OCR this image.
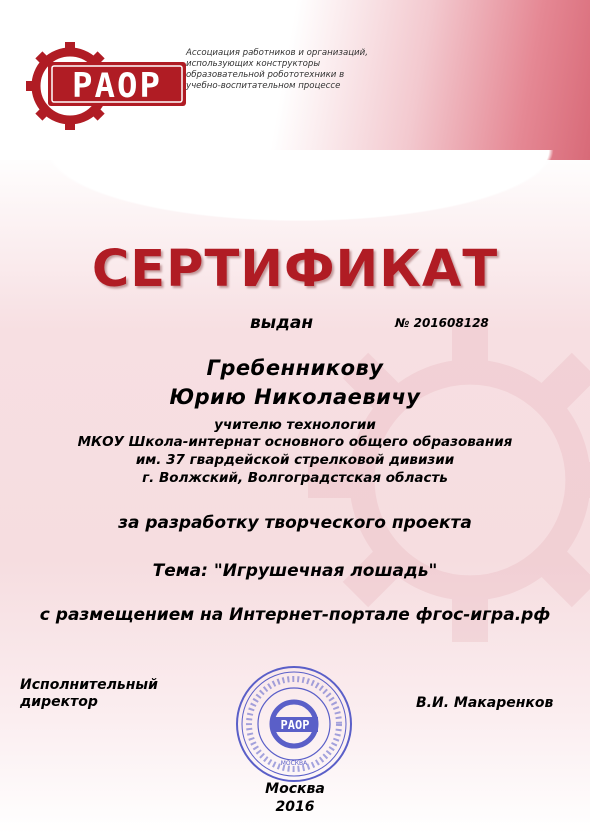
РАОР
Ассоциация работников и организаций,
использующих конструкторы
образовательной робототехники в
учебно-воспитательном процессе
СЕРТИФИКАТ
выдан	№ 201608128
Гребенникову
Юрию Николаевичу
учителю технологии
МКОУ Школа-интернат основного общего образования
им. 37 гвардейской стрелковой дивизии
г. Волжский, Волгоградстская область
за разработку творческого проекта
Тема: "Игрушечная лошадь"
с размещением на Интернет-портале фгос-игра.рф
Исполнительный
директор	В.И. Макаренков
РАОР
МОСКВА
Москва
2016
